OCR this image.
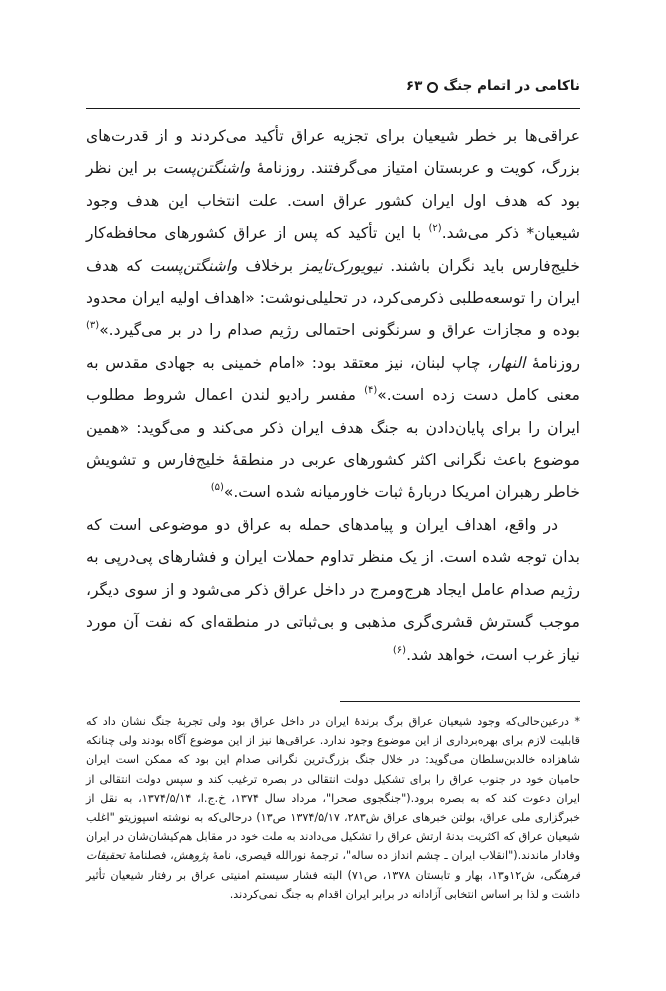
ناکامی در اتمام جنگ
۶۳

عراقی‌ها بر خطر شیعیان برای تجزیه عراق تأکید می‌کردند و از قدرت‌های بزرگ، کویت و عربستان امتیاز می‌گرفتند. روزنامهٔ واشنگتن‌پست بر این نظر بود که هدف اول ایران کشور عراق است. علت انتخاب این هدف وجود شیعیان* ذکر می‌شد.$^{(۲)}$ با این تأکید که پس از عراق کشورهای محافظه‌کار خلیج‌فارس باید نگران باشند. نیویورک‌تایمز برخلاف واشنگتن‌پست که هدف ایران را توسعه‌طلبی ذکرمی‌کرد، در تحلیلی‌نوشت: «اهداف اولیه ایران محدود بوده و مجازات عراق و سرنگونی احتمالی رژیم صدام را در بر می‌گیرد.»$^{(۳)}$ روزنامهٔ النهار، چاپ لبنان، نیز معتقد بود: «امام خمینی به جهادی مقدس به معنی کامل دست زده است.»$^{(۴)}$ مفسر رادیو لندن اعمال شروط مطلوب ایران را برای پایان‌دادن به جنگ هدف ایران ذکر می‌کند و می‌گوید: «همین موضوع باعث نگرانی اکثر کشورهای عربی در منطقهٔ خلیج‌فارس و تشویش خاطر رهبران امریکا دربارهٔ ثبات خاورمیانه شده است.»$^{(۵)}$

در واقع، اهداف ایران و پیامدهای حمله به عراق دو موضوعی است که بدان توجه شده است. از یک منظر تداوم حملات ایران و فشارهای پی‌درپی به رژیم صدام عامل ایجاد هرج‌ومرج در داخل عراق ذکر می‌شود و از سوی دیگر، موجب گسترش قشری‌گری مذهبی و بی‌ثباتی در منطقه‌ای که نفت آن مورد نیاز غرب است، خواهد شد.$^{(۶)}$

* درعین‌حالی‌که وجود شیعیان عراق برگ برندهٔ ایران در داخل عراق بود ولی تجربهٔ جنگ نشان داد که قابلیت لازم برای بهره‌برداری از این موضوع وجود ندارد. عراقی‌ها نیز از این موضوع آگاه بودند ولی چنانکه شاهزاده خالدبن‌سلطان می‌گوید: در خلال جنگ بزرگ‌ترین نگرانی صدام این بود که ممکن است ایران حامیان خود در جنوب عراق را برای تشکیل دولت انتقالی در بصره ترغیب کند و سپس دولت انتقالی از ایران دعوت کند که به بصره برود.("جنگجوی صحرا"، مرداد سال ۱۳۷۴، خ.ج.ا، ۱۳۷۴/۵/۱۴، به نقل از خبرگزاری ملی عراق، بولتن خبرهای عراق ش۲۸۳، ۱۳۷۴/۵/۱۷ ص۱۳) درحالی‌که به نوشته اسپوزیتو "اغلب شیعیان عراق که اکثریت بدنهٔ ارتش عراق را تشکیل می‌دادند به ملت خود در مقابل هم‌کیشان‌شان در ایران وفادار ماندند.("انقلاب ایران ـ چشم انداز ده ساله"، ترجمهٔ نورالله قیصری، نامهٔ پژوهش، فصلنامهٔ تحقیقات فرهنگی، ش۱۲و۱۳، بهار و تابستان ۱۳۷۸، ص۷۱) البته فشار سیستم امنیتی عراق بر رفتار شیعیان تأثیر داشت و لذا بر اساس انتخابی آزادانه در برابر ایران اقدام به جنگ نمی‌کردند.
